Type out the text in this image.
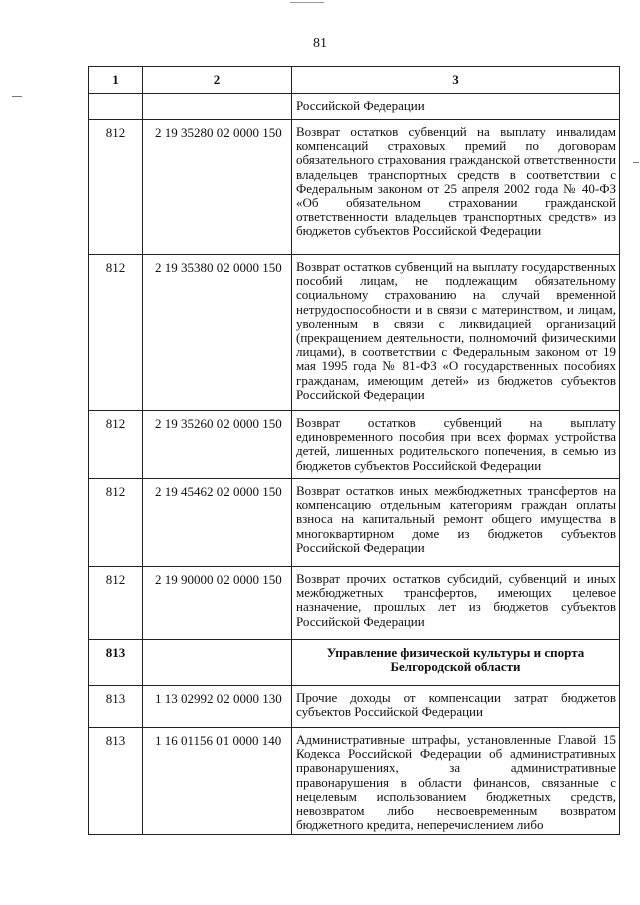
81
1	2	3
		Российской Федерации
812	2 19 35280 02 0000 150	Возврат остатков субвенций на выплату инвалидам компенсаций страховых премий по договорам обязательного страхования гражданской ответственности владельцев транспортных средств в соответствии с Федеральным законом от 25 апреля 2002 года № 40-ФЗ «Об обязательном страховании гражданской ответственности владельцев транспортных средств» из бюджетов субъектов Российской Федерации
812	2 19 35380 02 0000 150	Возврат остатков субвенций на выплату государственных пособий лицам, не подлежащим обязательному социальному страхованию на случай временной нетрудоспособности и в связи с материнством, и лицам, уволенным в связи с ликвидацией организаций (прекращением деятельности, полномочий физическими лицами), в соответствии с Федеральным законом от 19 мая 1995 года № 81-ФЗ «О государственных пособиях гражданам, имеющим детей» из бюджетов субъектов Российской Федерации
812	2 19 35260 02 0000 150	Возврат остатков субвенций на выплату единовременного пособия при всех формах устройства детей, лишенных родительского попечения, в семью из бюджетов субъектов Российской Федерации
812	2 19 45462 02 0000 150	Возврат остатков иных межбюджетных трансфертов на компенсацию отдельным категориям граждан оплаты взноса на капитальный ремонт общего имущества в многоквартирном доме из бюджетов субъектов Российской Федерации
812	2 19 90000 02 0000 150	Возврат прочих остатков субсидий, субвенций и иных межбюджетных трансфертов, имеющих целевое назначение, прошлых лет из бюджетов субъектов Российской Федерации
813		Управление физической культуры и спорта Белгородской области
813	1 13 02992 02 0000 130	Прочие доходы от компенсации затрат бюджетов субъектов Российской Федерации
813	1 16 01156 01 0000 140	Административные штрафы, установленные Главой 15 Кодекса Российской Федерации об административных правонарушениях, за административные правонарушения в области финансов, связанные с нецелевым использованием бюджетных средств, невозвратом либо несвоевременным возвратом бюджетного кредита, неперечислением либо
